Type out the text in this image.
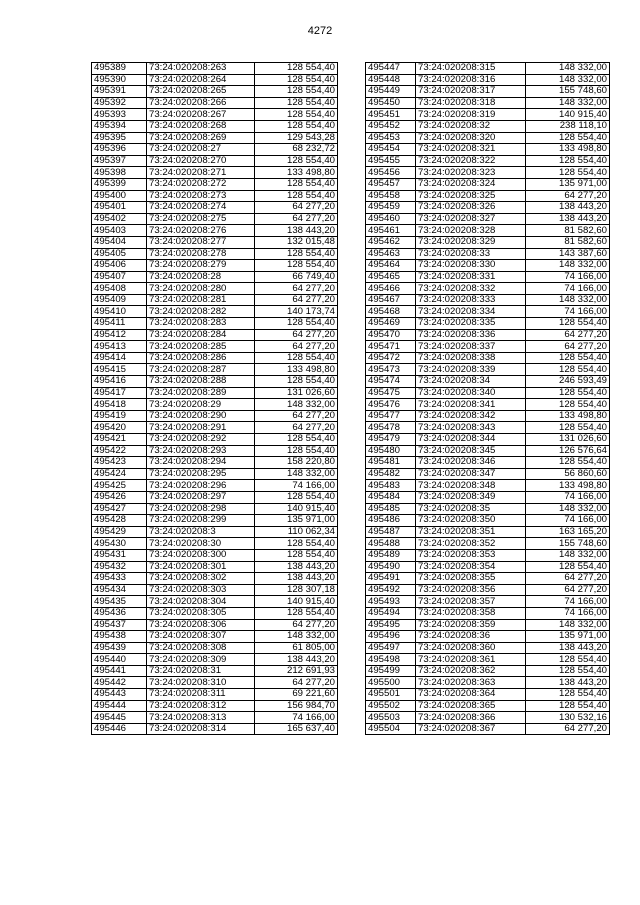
4272
495389	73:24:020208:263	128 554,40
495390	73:24:020208:264	128 554,40
495391	73:24:020208:265	128 554,40
495392	73:24:020208:266	128 554,40
495393	73:24:020208:267	128 554,40
495394	73:24:020208:268	128 554,40
495395	73:24:020208:269	129 543,28
495396	73:24:020208:27	68 232,72
495397	73:24:020208:270	128 554,40
495398	73:24:020208:271	133 498,80
495399	73:24:020208:272	128 554,40
495400	73:24:020208:273	128 554,40
495401	73:24:020208:274	64 277,20
495402	73:24:020208:275	64 277,20
495403	73:24:020208:276	138 443,20
495404	73:24:020208:277	132 015,48
495405	73:24:020208:278	128 554,40
495406	73:24:020208:279	128 554,40
495407	73:24:020208:28	66 749,40
495408	73:24:020208:280	64 277,20
495409	73:24:020208:281	64 277,20
495410	73:24:020208:282	140 173,74
495411	73:24:020208:283	128 554,40
495412	73:24:020208:284	64 277,20
495413	73:24:020208:285	64 277,20
495414	73:24:020208:286	128 554,40
495415	73:24:020208:287	133 498,80
495416	73:24:020208:288	128 554,40
495417	73:24:020208:289	131 026,60
495418	73:24:020208:29	148 332,00
495419	73:24:020208:290	64 277,20
495420	73:24:020208:291	64 277,20
495421	73:24:020208:292	128 554,40
495422	73:24:020208:293	128 554,40
495423	73:24:020208:294	158 220,80
495424	73:24:020208:295	148 332,00
495425	73:24:020208:296	74 166,00
495426	73:24:020208:297	128 554,40
495427	73:24:020208:298	140 915,40
495428	73:24:020208:299	135 971,00
495429	73:24:020208:3	110 062,34
495430	73:24:020208:30	128 554,40
495431	73:24:020208:300	128 554,40
495432	73:24:020208:301	138 443,20
495433	73:24:020208:302	138 443,20
495434	73:24:020208:303	128 307,18
495435	73:24:020208:304	140 915,40
495436	73:24:020208:305	128 554,40
495437	73:24:020208:306	64 277,20
495438	73:24:020208:307	148 332,00
495439	73:24:020208:308	61 805,00
495440	73:24:020208:309	138 443,20
495441	73:24:020208:31	212 691,93
495442	73:24:020208:310	64 277,20
495443	73:24:020208:311	69 221,60
495444	73:24:020208:312	156 984,70
495445	73:24:020208:313	74 166,00
495446	73:24:020208:314	165 637,40
495447	73:24:020208:315	148 332,00
495448	73:24:020208:316	148 332,00
495449	73:24:020208:317	155 748,60
495450	73:24:020208:318	148 332,00
495451	73:24:020208:319	140 915,40
495452	73:24:020208:32	238 118,10
495453	73:24:020208:320	128 554,40
495454	73:24:020208:321	133 498,80
495455	73:24:020208:322	128 554,40
495456	73:24:020208:323	128 554,40
495457	73:24:020208:324	135 971,00
495458	73:24:020208:325	64 277,20
495459	73:24:020208:326	138 443,20
495460	73:24:020208:327	138 443,20
495461	73:24:020208:328	81 582,60
495462	73:24:020208:329	81 582,60
495463	73:24:020208:33	143 387,60
495464	73:24:020208:330	148 332,00
495465	73:24:020208:331	74 166,00
495466	73:24:020208:332	74 166,00
495467	73:24:020208:333	148 332,00
495468	73:24:020208:334	74 166,00
495469	73:24:020208:335	128 554,40
495470	73:24:020208:336	64 277,20
495471	73:24:020208:337	64 277,20
495472	73:24:020208:338	128 554,40
495473	73:24:020208:339	128 554,40
495474	73:24:020208:34	246 593,49
495475	73:24:020208:340	128 554,40
495476	73:24:020208:341	128 554,40
495477	73:24:020208:342	133 498,80
495478	73:24:020208:343	128 554,40
495479	73:24:020208:344	131 026,60
495480	73:24:020208:345	126 576,64
495481	73:24:020208:346	128 554,40
495482	73:24:020208:347	56 860,60
495483	73:24:020208:348	133 498,80
495484	73:24:020208:349	74 166,00
495485	73:24:020208:35	148 332,00
495486	73:24:020208:350	74 166,00
495487	73:24:020208:351	163 165,20
495488	73:24:020208:352	155 748,60
495489	73:24:020208:353	148 332,00
495490	73:24:020208:354	128 554,40
495491	73:24:020208:355	64 277,20
495492	73:24:020208:356	64 277,20
495493	73:24:020208:357	74 166,00
495494	73:24:020208:358	74 166,00
495495	73:24:020208:359	148 332,00
495496	73:24:020208:36	135 971,00
495497	73:24:020208:360	138 443,20
495498	73:24:020208:361	128 554,40
495499	73:24:020208:362	128 554,40
495500	73:24:020208:363	138 443,20
495501	73:24:020208:364	128 554,40
495502	73:24:020208:365	128 554,40
495503	73:24:020208:366	130 532,16
495504	73:24:020208:367	64 277,20
